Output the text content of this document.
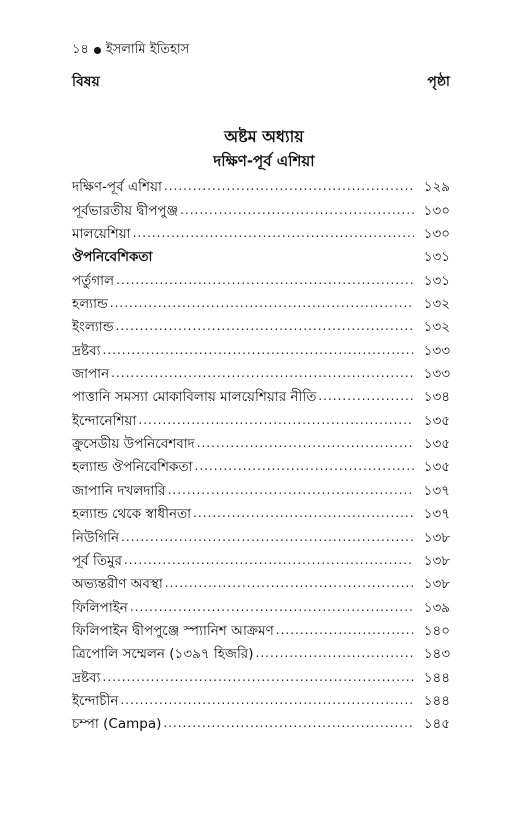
১৪ ইসলামি ইতিহাস
বিষয়	পৃষ্ঠা
অষ্টম অধ্যায়
দক্ষিণ-পূর্ব এশিয়া
দক্ষিণ-পূর্ব এশিয়া .....	১২৯
পূর্বভারতীয় দ্বীপপুঞ্জ .....	১৩০
মালয়েশিয়া .....	১৩০
ঔপনিবেশিকতা	১৩১
পর্তুগাল .....	১৩১
হল্যান্ড .....	১৩২
ইংল্যান্ড .....	১৩২
দ্রষ্টব্য .....	১৩৩
জাপান .....	১৩৩
পাত্তানি সমস্যা মোকাবিলায় মালয়েশিয়ার নীতি .....	১৩৪
ইন্দোনেশিয়া .....	১৩৫
ক্রুসেডীয় উপনিবেশবাদ .....	১৩৫
হল্যান্ড ঔপনিবেশিকতা .....	১৩৫
জাপানি দখলদারি .....	১৩৭
হল্যান্ড থেকে স্বাধীনতা .....	১৩৭
নিউগিনি .....	১৩৮
পূর্ব তিমুর .....	১৩৮
অভ্যন্তরীণ অবস্থা .....	১৩৮
ফিলিপাইন .....	১৩৯
ফিলিপাইন দ্বীপপুঞ্জে স্প্যানিশ আক্রমণ .....	১৪০
ত্রিপোলি সম্মেলন (১৩৯৭ হিজরি) .....	১৪৩
দ্রষ্টব্য .....	১৪৪
ইন্দোচীন .....	১৪৪
চম্পা (Campa) .....	১৪৫
